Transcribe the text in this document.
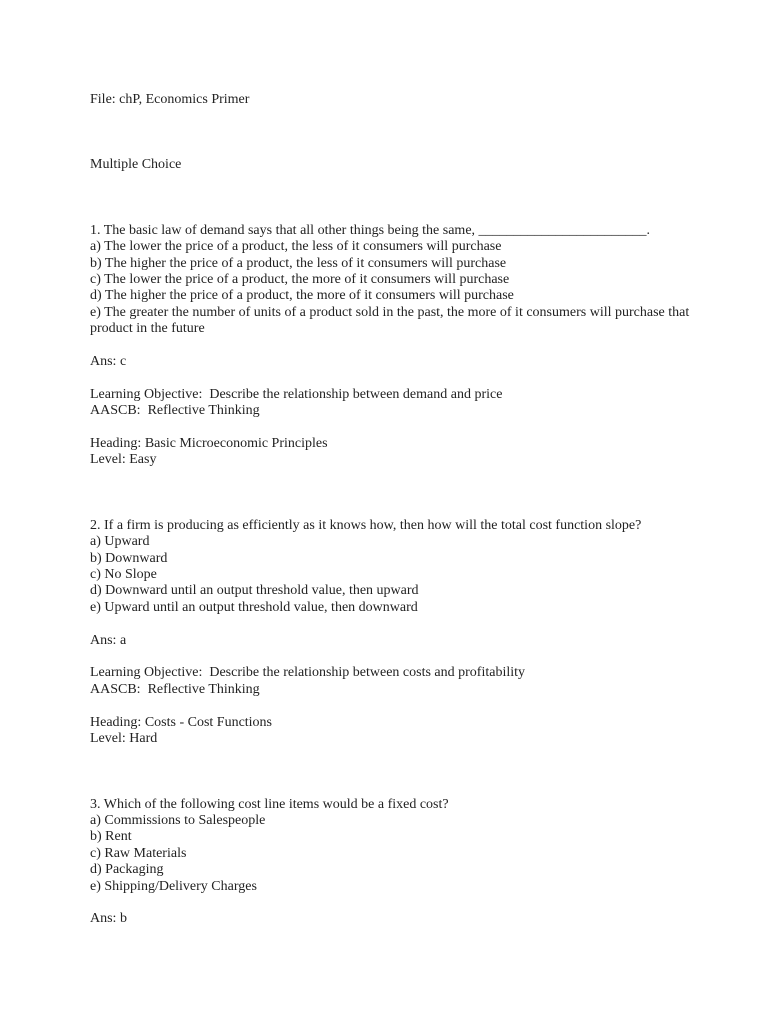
File: chP, Economics Primer

Multiple Choice

1. The basic law of demand says that all other things being the same, ________________________.

a) The lower the price of a product, the less of it consumers will purchase

b) The higher the price of a product, the less of it consumers will purchase

c) The lower the price of a product, the more of it consumers will purchase

d) The higher the price of a product, the more of it consumers will purchase

e) The greater the number of units of a product sold in the past, the more of it consumers will purchase that product in the future

Ans: c

Learning Objective:  Describe the relationship between demand and price

AASCB:  Reflective Thinking

Heading: Basic Microeconomic Principles

Level: Easy

2. If a firm is producing as efficiently as it knows how, then how will the total cost function slope?

a) Upward

b) Downward

c) No Slope

d) Downward until an output threshold value, then upward

e) Upward until an output threshold value, then downward

Ans: a

Learning Objective:  Describe the relationship between costs and profitability

AASCB:  Reflective Thinking

Heading: Costs - Cost Functions

Level: Hard

3. Which of the following cost line items would be a fixed cost?

a) Commissions to Salespeople

b) Rent

c) Raw Materials

d) Packaging

e) Shipping/Delivery Charges

Ans: b
